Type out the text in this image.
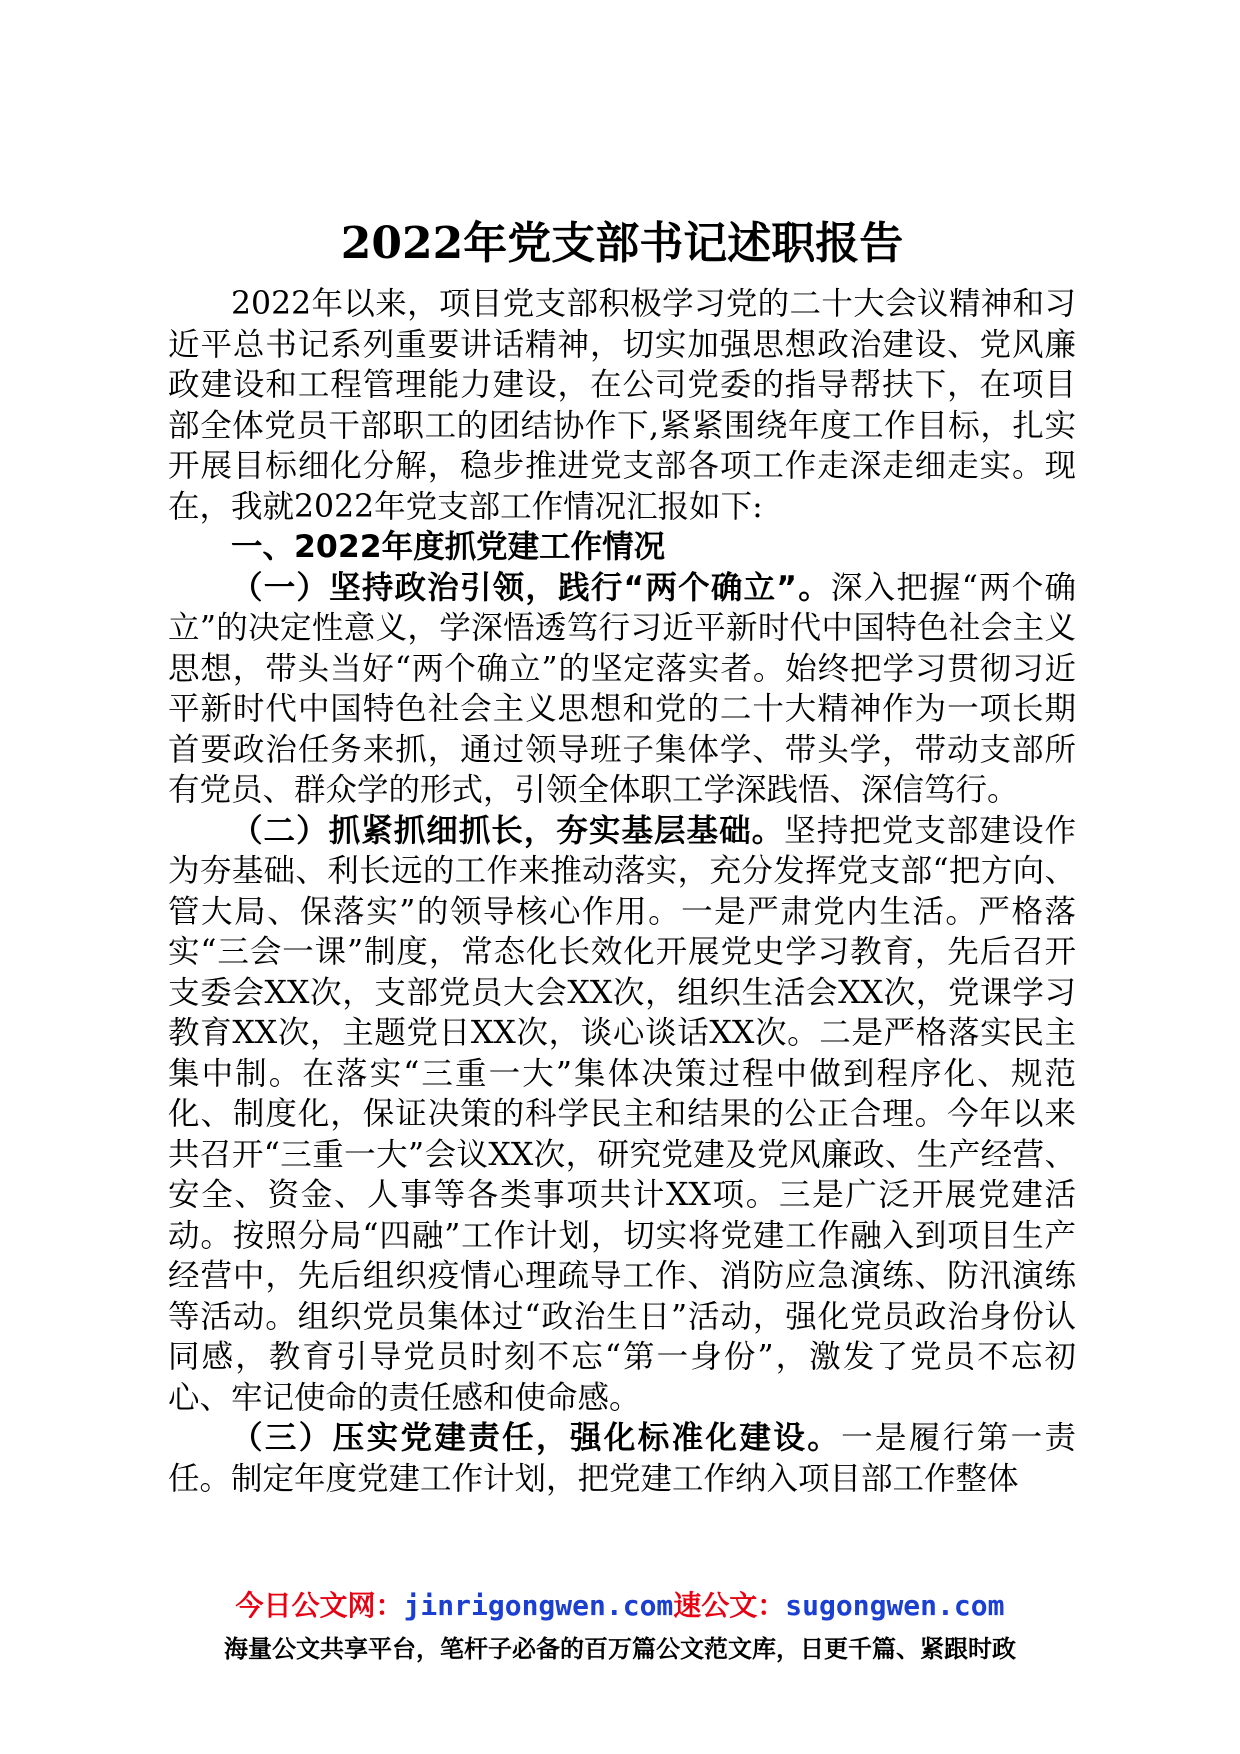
2022年党支部书记述职报告

2022年以来，项目党支部积极学习党的二十大会议精神和习近平总书记系列重要讲话精神，切实加强思想政治建设、党风廉政建设和工程管理能力建设，在公司党委的指导帮扶下，在项目部全体党员干部职工的团结协作下,紧紧围绕年度工作目标，扎实开展目标细化分解，稳步推进党支部各项工作走深走细走实。现在，我就2022年党支部工作情况汇报如下:

一、2022年度抓党建工作情况

（一）坚持政治引领，践行“两个确立”。深入把握“两个确立”的决定性意义，学深悟透笃行习近平新时代中国特色社会主义思想，带头当好“两个确立”的坚定落实者。始终把学习贯彻习近平新时代中国特色社会主义思想和党的二十大精神作为一项长期首要政治任务来抓，通过领导班子集体学、带头学，带动支部所有党员、群众学的形式，引领全体职工学深践悟、深信笃行。

（二）抓紧抓细抓长，夯实基层基础。坚持把党支部建设作为夯基础、利长远的工作来推动落实，充分发挥党支部“把方向、管大局、保落实”的领导核心作用。一是严肃党内生活。严格落实“三会一课”制度，常态化长效化开展党史学习教育，先后召开支委会XX次，支部党员大会XX次，组织生活会XX次，党课学习教育XX次，主题党日XX次，谈心谈话XX次。二是严格落实民主集中制。在落实“三重一大”集体决策过程中做到程序化、规范化、制度化，保证决策的科学民主和结果的公正合理。今年以来共召开“三重一大”会议XX次，研究党建及党风廉政、生产经营、安全、资金、人事等各类事项共计XX项。三是广泛开展党建活动。按照分局“四融”工作计划，切实将党建工作融入到项目生产经营中，先后组织疫情心理疏导工作、消防应急演练、防汛演练等活动。组织党员集体过“政治生日”活动，强化党员政治身份认同感，教育引导党员时刻不忘“第一身份”，激发了党员不忘初心、牢记使命的责任感和使命感。

（三）压实党建责任，强化标准化建设。一是履行第一责任。制定年度党建工作计划，把党建工作纳入项目部工作整体

今日公文网：jinrigongwen.com速公文：sugongwen.com
海量公文共享平台，笔杆子必备的百万篇公文范文库，日更千篇、紧跟时政
